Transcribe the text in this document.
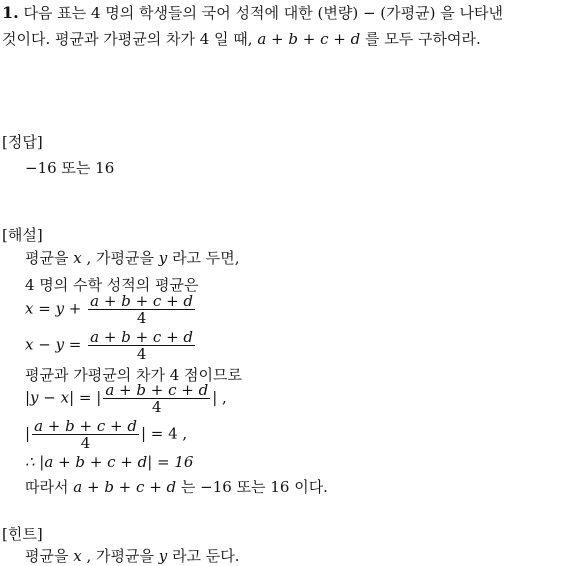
1. 다음 표는 4 명의 학생들의 국어 성적에 대한 (변량) − (가평균) 을 나타낸
것이다. 평균과 가평균의 차가 4 일 때, a + b + c + d 를 모두 구하여라.
[정답]
−16 또는 16
[해설]
평균을 x , 가평균을 y 라고 두면,
4 명의 수학 성적의 평균은
$x = y + \frac{a + b + c + d}{4}$
$x - y = \frac{a + b + c + d}{4}$
평균과 가평균의 차가 4 점이므로
|y − x| = | $\frac{a + b + c + d}{4}$ | ,
| $\frac{a + b + c + d}{4}$ | = 4 ,
∴ |a + b + c + d| = 16
따라서 a + b + c + d 는 −16 또는 16 이다.
[힌트]
평균을 x , 가평균을 y 라고 둔다.
